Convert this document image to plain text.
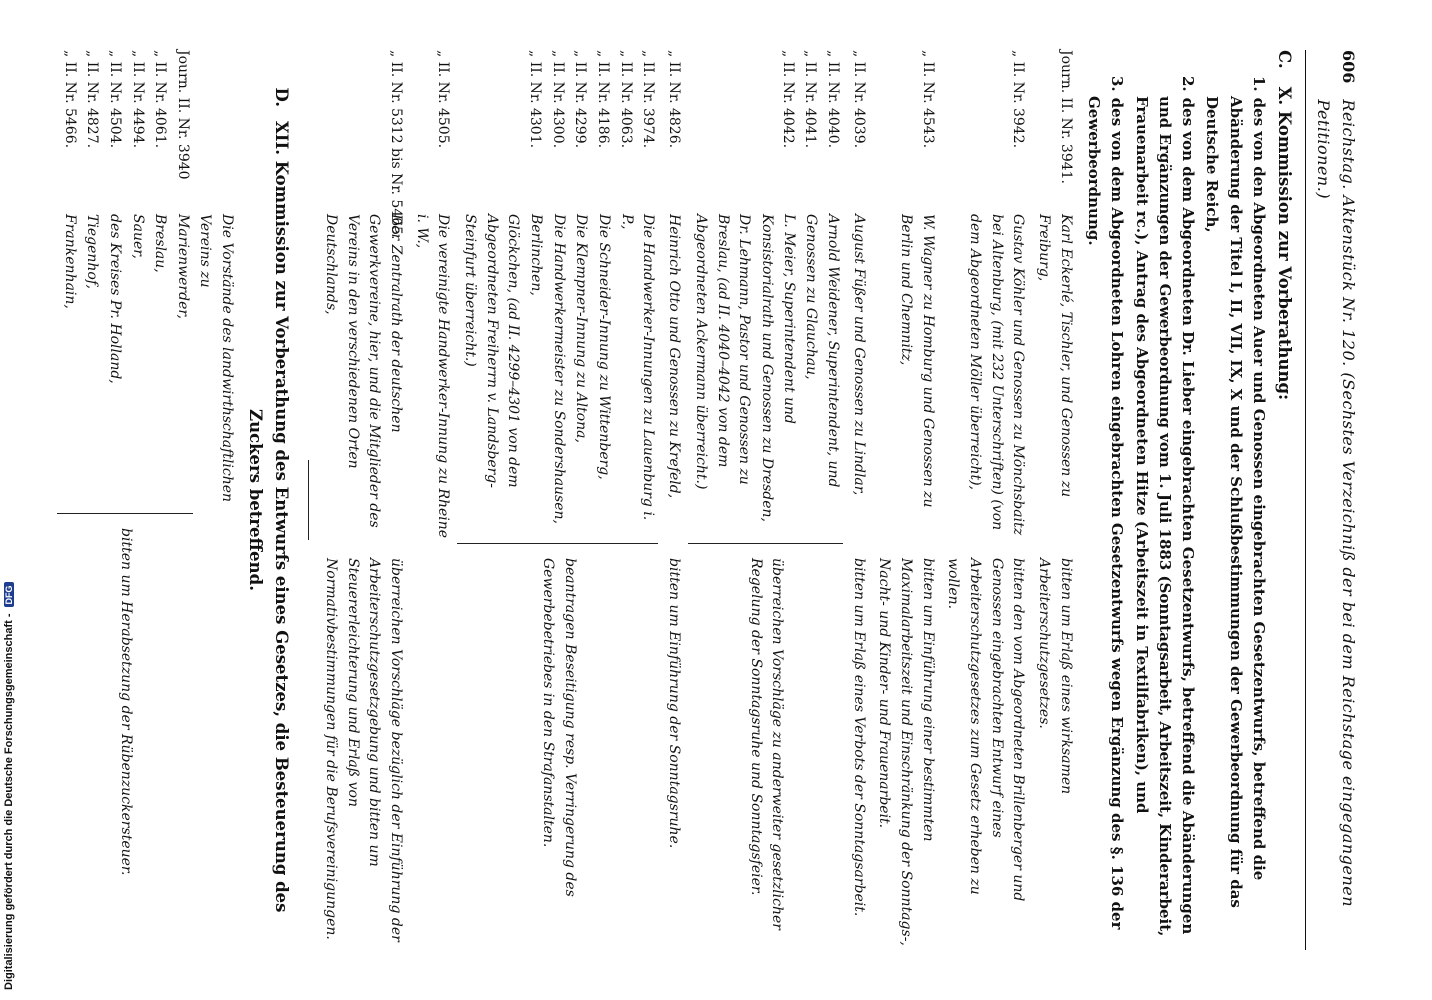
Digitalisierung gefördert durch die Deutsche Forschungsgemeinschaft -DFG
606
Reichstag. Aktenstück Nr. 120. (Sechstes Verzeichniß der bei dem Reichstage eingegangenen Petitionen.)
C.X. Kommission zur Vorberathung:
1.des von den Abgeordneten Auer und Genossen eingebrachten Gesetzentwurfs, betreffend die Abänderung der Titel I, II, VII, IX, X und der Schlußbestimmungen der Gewerbeordnung für das Deutsche Reich,
2.des von dem Abgeordneten Dr. Lieber eingebrachten Gesetzentwurfs, betreffend die Abänderungen und Ergänzungen der Gewerbeordnung vom 1. Juli 1883 (Sonntagsarbeit, Arbeitszeit, Kinderarbeit, Frauenarbeit rc.), Antrag des Abgeordneten Hitze (Arbeitszeit in Textilfabriken), und
3.des von dem Abgeordneten Lohren eingebrachten Gesetzentwurfs wegen Ergänzung des §. 136 der Gewerbeordnung.
Journ. II. Nr. 3941.
Karl Eckerlé, Tischler, und Genossen zu Freiburg,
bitten um Erlaß eines wirksamen Arbeiterschutzgesetzes.
„ II. Nr. 3942.
Gustav Köhler und Genossen zu Mönchsbaitz bei Altenburg, (mit 232 Unterschriften) (von dem Abgeordneten Möller überreicht),
bitten den vom Abgeordneten Brillenberger und Genossen eingebrachten Entwurf eines Arbeiterschutzgesetzes zum Gesetz erheben zu wollen.
„ II. Nr. 4543.
W. Wagner zu Homburg und Genossen zu Berlin und Chemnitz,
bitten um Einführung einer bestimmten Maximalarbeitszeit und Einschränkung der Sonntags-, Nacht- und Kinder- und Frauenarbeit.
„ II. Nr. 4039.
August Füßer und Genossen zu Lindlar,
bitten um Erlaß eines Verbots der Sonntagsarbeit.
„ II. Nr. 4040.
„ II. Nr. 4041.
„ II. Nr. 4042.
Arnold Weidener, Superintendent, und Genossen zu Glauchau,
L. Meier, Superintendent und Konsistorialrath und Genossen zu Dresden,
Dr. Lehmann, Pastor und Genossen zu Breslau, (ad II. 4040–4042 von dem Abgeordneten Ackermann überreicht.)
überreichen Vorschläge zu anderweiter gesetzlicher Regelung der Sonntagsruhe und Sonntagsfeier.
„ II. Nr. 4826.
Heinrich Otto und Genossen zu Krefeld,
bitten um Einführung der Sonntagsruhe.
„ II. Nr. 3974.
„ II. Nr. 4063.
„ II. Nr. 4186.
„ II. Nr. 4299.
„ II. Nr. 4300.
„ II. Nr. 4301.
Die Handwerker-Innungen zu Lauenburg i. P.,
Die Schneider-Innung zu Wittenberg,
Die Klempner-Innung zu Altona,
Die Handwerkermeister zu Sondershausen,
Berlinchen,
Glöckchen, (ad II. 4299–4301 von dem Abgeordneten Freiherrn v. Landsberg-Steinfurt überreicht.)
beantragen Beseitigung resp. Verringerung des Gewerbebetriebes in den Strafanstalten.
„ II. Nr. 4505.
Die vereinigte Handwerker-Innung zu Rheine i. W.,
„ II. Nr. 5312 bis Nr. 5465.
Der Zentralrath der deutschen Gewerkvereine, hier, und die Mitglieder des Vereins in den verschiedenen Orten Deutschlands,
überreichen Vorschläge bezüglich der Einführung der Arbeiterschutzgesetzgebung und bitten um Steuererleichterung und Erlaß von Normativbestimmungen für die Berufsvereinigungen.
D.XII. Kommission zur Vorberathung des Entwurfs eines Gesetzes, die Besteuerung des Zuckers betreffend.
Die Vorstände des landwirthschaftlichen Vereins zu
Journ. II. Nr. 3940
„ II. Nr. 4061.
„ II. Nr. 4494.
„ II. Nr. 4504.
„ II. Nr. 4827.
„ II. Nr. 5466.
Marienwerder,
Breslau,
Sauer,
des Kreises Pr. Holland,
Tiegenhof,
Frankenhain,
bitten um Herabsetzung der Rübenzuckersteuer.
